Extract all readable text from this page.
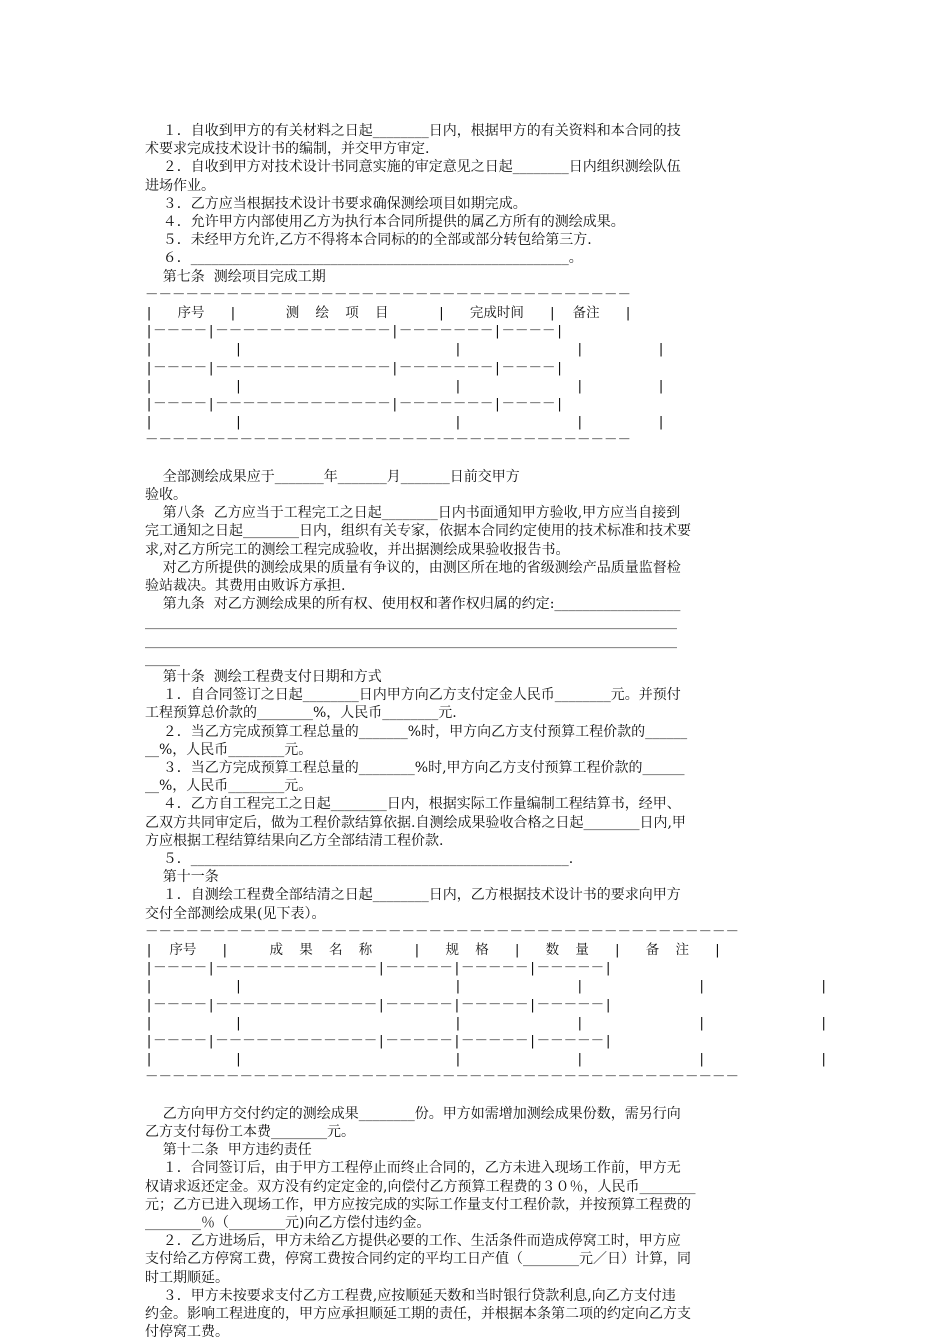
１．自收到甲方的有关材料之日起________日内，根据甲方的有关资料和本合同的技
术要求完成技术设计书的编制，并交甲方审定.
２．自收到甲方对技术设计书同意实施的审定意见之日起________日内组织测绘队伍
进场作业。
３．乙方应当根据技术设计书要求确保测绘项目如期完成。
４．允许甲方内部使用乙方为执行本合同所提供的属乙方所有的测绘成果。
５．未经甲方允许,乙方不得将本合同标的的全部或部分转包给第三方.
６．______________________________________________________。
第七条  测绘项目完成工期
－－－－－－－－－－－－－－－－－－－－－－－－－－－－－－－－－－－－
|   序号   |      测  绘  项  目      |   完成时间   |  备注   |
|－－－－|－－－－－－－－－－－－－|－－－－－－－|－－－－|
|          |                          |              |         |
|－－－－|－－－－－－－－－－－－－|－－－－－－－|－－－－|
|          |                          |              |         |
|－－－－|－－－－－－－－－－－－－|－－－－－－－|－－－－|
|          |                          |              |         |
－－－－－－－－－－－－－－－－－－－－－－－－－－－－－－－－－－－－
全部测绘成果应于_______年_______月_______日前交甲方
验收。
第八条  乙方应当于工程完工之日起________日内书面通知甲方验收,甲方应当自接到
完工通知之日起________日内，组织有关专家，依据本合同约定使用的技术标准和技术要
求,对乙方所完工的测绘工程完成验收，并出据测绘成果验收报告书。
对乙方所提供的测绘成果的质量有争议的，由测区所在地的省级测绘产品质量监督检
验站裁决。其费用由败诉方承担.
第九条  对乙方测绘成果的所有权、使用权和著作权归属的约定:__________________
____________________________________________________________________________
____________________________________________________________________________
_____
第十条  测绘工程费支付日期和方式
１．自合同签订之日起________日内甲方向乙方支付定金人民币________元。并预付
工程预算总价款的________%，人民币________元.
２．当乙方完成预算工程总量的_______%时，甲方向乙方支付预算工程价款的______
__%，人民币________元。
３．当乙方完成预算工程总量的________%时,甲方向乙方支付预算工程价款的______
__%，人民币________元。
４．乙方自工程完工之日起________日内，根据实际工作量编制工程结算书，经甲、
乙双方共同审定后，做为工程价款结算依据.自测绘成果验收合格之日起________日内,甲
方应根据工程结算结果向乙方全部结清工程价款.
５．______________________________________________________.
第十一条
１．自测绘工程费全部结清之日起________日内，乙方根据技术设计书的要求向甲方
交付全部测绘成果(见下表）。
－－－－－－－－－－－－－－－－－－－－－－－－－－－－－－－－－－－－－－－－－－－－
|  序号   |     成  果  名  称     |   规  格   |   数  量   |   备  注   |
|－－－－|－－－－－－－－－－－－|－－－－－|－－－－－|－－－－－|
|          |                          |              |              |              |
|－－－－|－－－－－－－－－－－－|－－－－－|－－－－－|－－－－－|
|          |                          |              |              |              |
|－－－－|－－－－－－－－－－－－|－－－－－|－－－－－|－－－－－|
|          |                          |              |              |              |
－－－－－－－－－－－－－－－－－－－－－－－－－－－－－－－－－－－－－－－－－－－－
乙方向甲方交付约定的测绘成果________份。甲方如需增加测绘成果份数，需另行向
乙方支付每份工本费________元。
第十二条  甲方违约责任
１．合同签订后，由于甲方工程停止而终止合同的，乙方未进入现场工作前，甲方无
权请求返还定金。双方没有约定定金的,向偿付乙方预算工程费的３０％，人民币________
元；乙方已进入现场工作，甲方应按完成的实际工作量支付工程价款，并按预算工程费的
________％（________元)向乙方偿付违约金。
２．乙方进场后，甲方未给乙方提供必要的工作、生活条件而造成停窝工时，甲方应
支付给乙方停窝工费，停窝工费按合同约定的平均工日产值（________元／日）计算，同
时工期顺延。
３．甲方未按要求支付乙方工程费,应按顺延天数和当时银行贷款利息,向乙方支付违
约金。影响工程进度的，甲方应承担顺延工期的责任，并根据本条第二项的约定向乙方支
付停窝工费。
